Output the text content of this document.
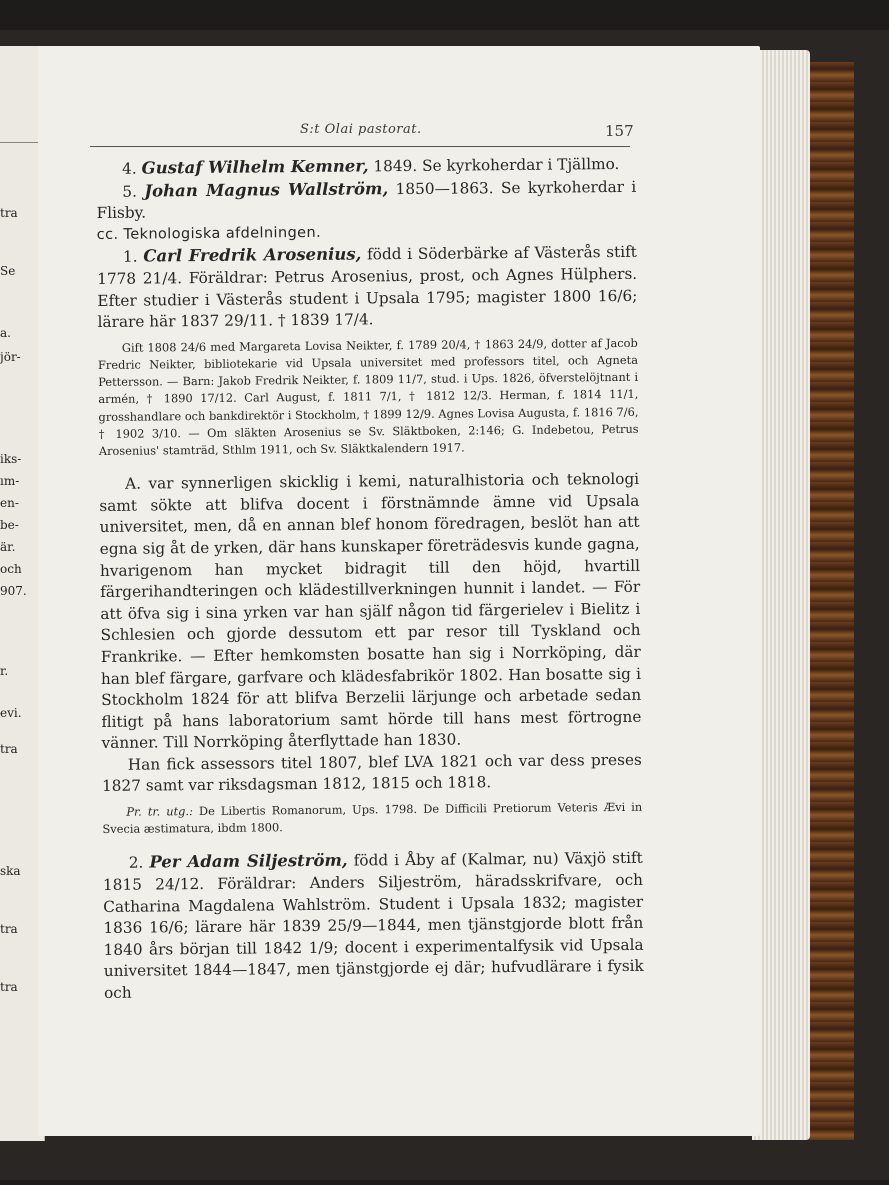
tra
Se
a.
jör-
iks-
ım-
en-
be-
är.
och
907.
r.
evi.
tra
ska
tra
tra
S:t Olai pastorat.	157

4. Gustaf Wilhelm Kemner, 1849. Se kyrkoherdar i Tjällmo.

5. Johan Magnus Wallström, 1850—1863. Se kyrkoherdar i Flisby.

cc. Teknologiska afdelningen.

1. Carl Fredrik Arosenius, född i Söderbärke af Västerås stift 1778 21/4. Föräldrar: Petrus Arosenius, prost, och Agnes Hülphers. Efter studier i Västerås student i Upsala 1795; magister 1800 16/6; lärare här 1837 29/11. † 1839 17/4.

Gift 1808 24/6 med Margareta Lovisa Neikter, f. 1789 20/4, † 1863 24/9, dotter af Jacob Fredric Neikter, bibliotekarie vid Upsala universitet med professors titel, och Agneta Pettersson. — Barn: Jakob Fredrik Neikter, f. 1809 11/7, stud. i Ups. 1826, öfverstelöjtnant i armén, † 1890 17/12. Carl August, f. 1811 7/1, † 1812 12/3. Herman, f. 1814 11/1, grosshandlare och bankdirektör i Stockholm, † 1899 12/9. Agnes Lovisa Augusta, f. 1816 7/6, † 1902 3/10. — Om släkten Arosenius se Sv. Släktboken, 2:146; G. Indebetou, Petrus Arosenius' stamträd, Sthlm 1911, och Sv. Släktkalendern 1917.

A. var synnerligen skicklig i kemi, naturalhistoria och teknologi samt sökte att blifva docent i förstnämnde ämne vid Upsala universitet, men, då en annan blef honom föredragen, beslöt han att egna sig åt de yrken, där hans kunskaper företrädesvis kunde gagna, hvarigenom han mycket bidragit till den höjd, hvartill färgerihandteringen och klädestillverkningen hunnit i landet. — För att öfva sig i sina yrken var han själf någon tid färgerielev i Bielitz i Schlesien och gjorde dessutom ett par resor till Tyskland och Frankrike. — Efter hemkomsten bosatte han sig i Norrköping, där han blef färgare, garfvare och klädesfabrikör 1802. Han bosatte sig i Stockholm 1824 för att blifva Berzelii lärjunge och arbetade sedan flitigt på hans laboratorium samt hörde till hans mest förtrogne vänner. Till Norrköping återflyttade han 1830.

Han fick assessors titel 1807, blef LVA 1821 och var dess preses 1827 samt var riksdagsman 1812, 1815 och 1818.

Pr. tr. utg.: De Libertis Romanorum, Ups. 1798. De Difficili Pretiorum Veteris Ævi in Svecia æstimatura, ibdm 1800.

2. Per Adam Siljeström, född i Åby af (Kalmar, nu) Växjö stift 1815 24/12. Föräldrar: Anders Siljeström, häradsskrifvare, och Catharina Magdalena Wahlström. Student i Upsala 1832; magister 1836 16/6; lärare här 1839 25/9—1844, men tjänstgjorde blott från 1840 års början till 1842 1/9; docent i experimentalfysik vid Upsala universitet 1844—1847, men tjänstgjorde ej där; hufvudlärare i fysik och
